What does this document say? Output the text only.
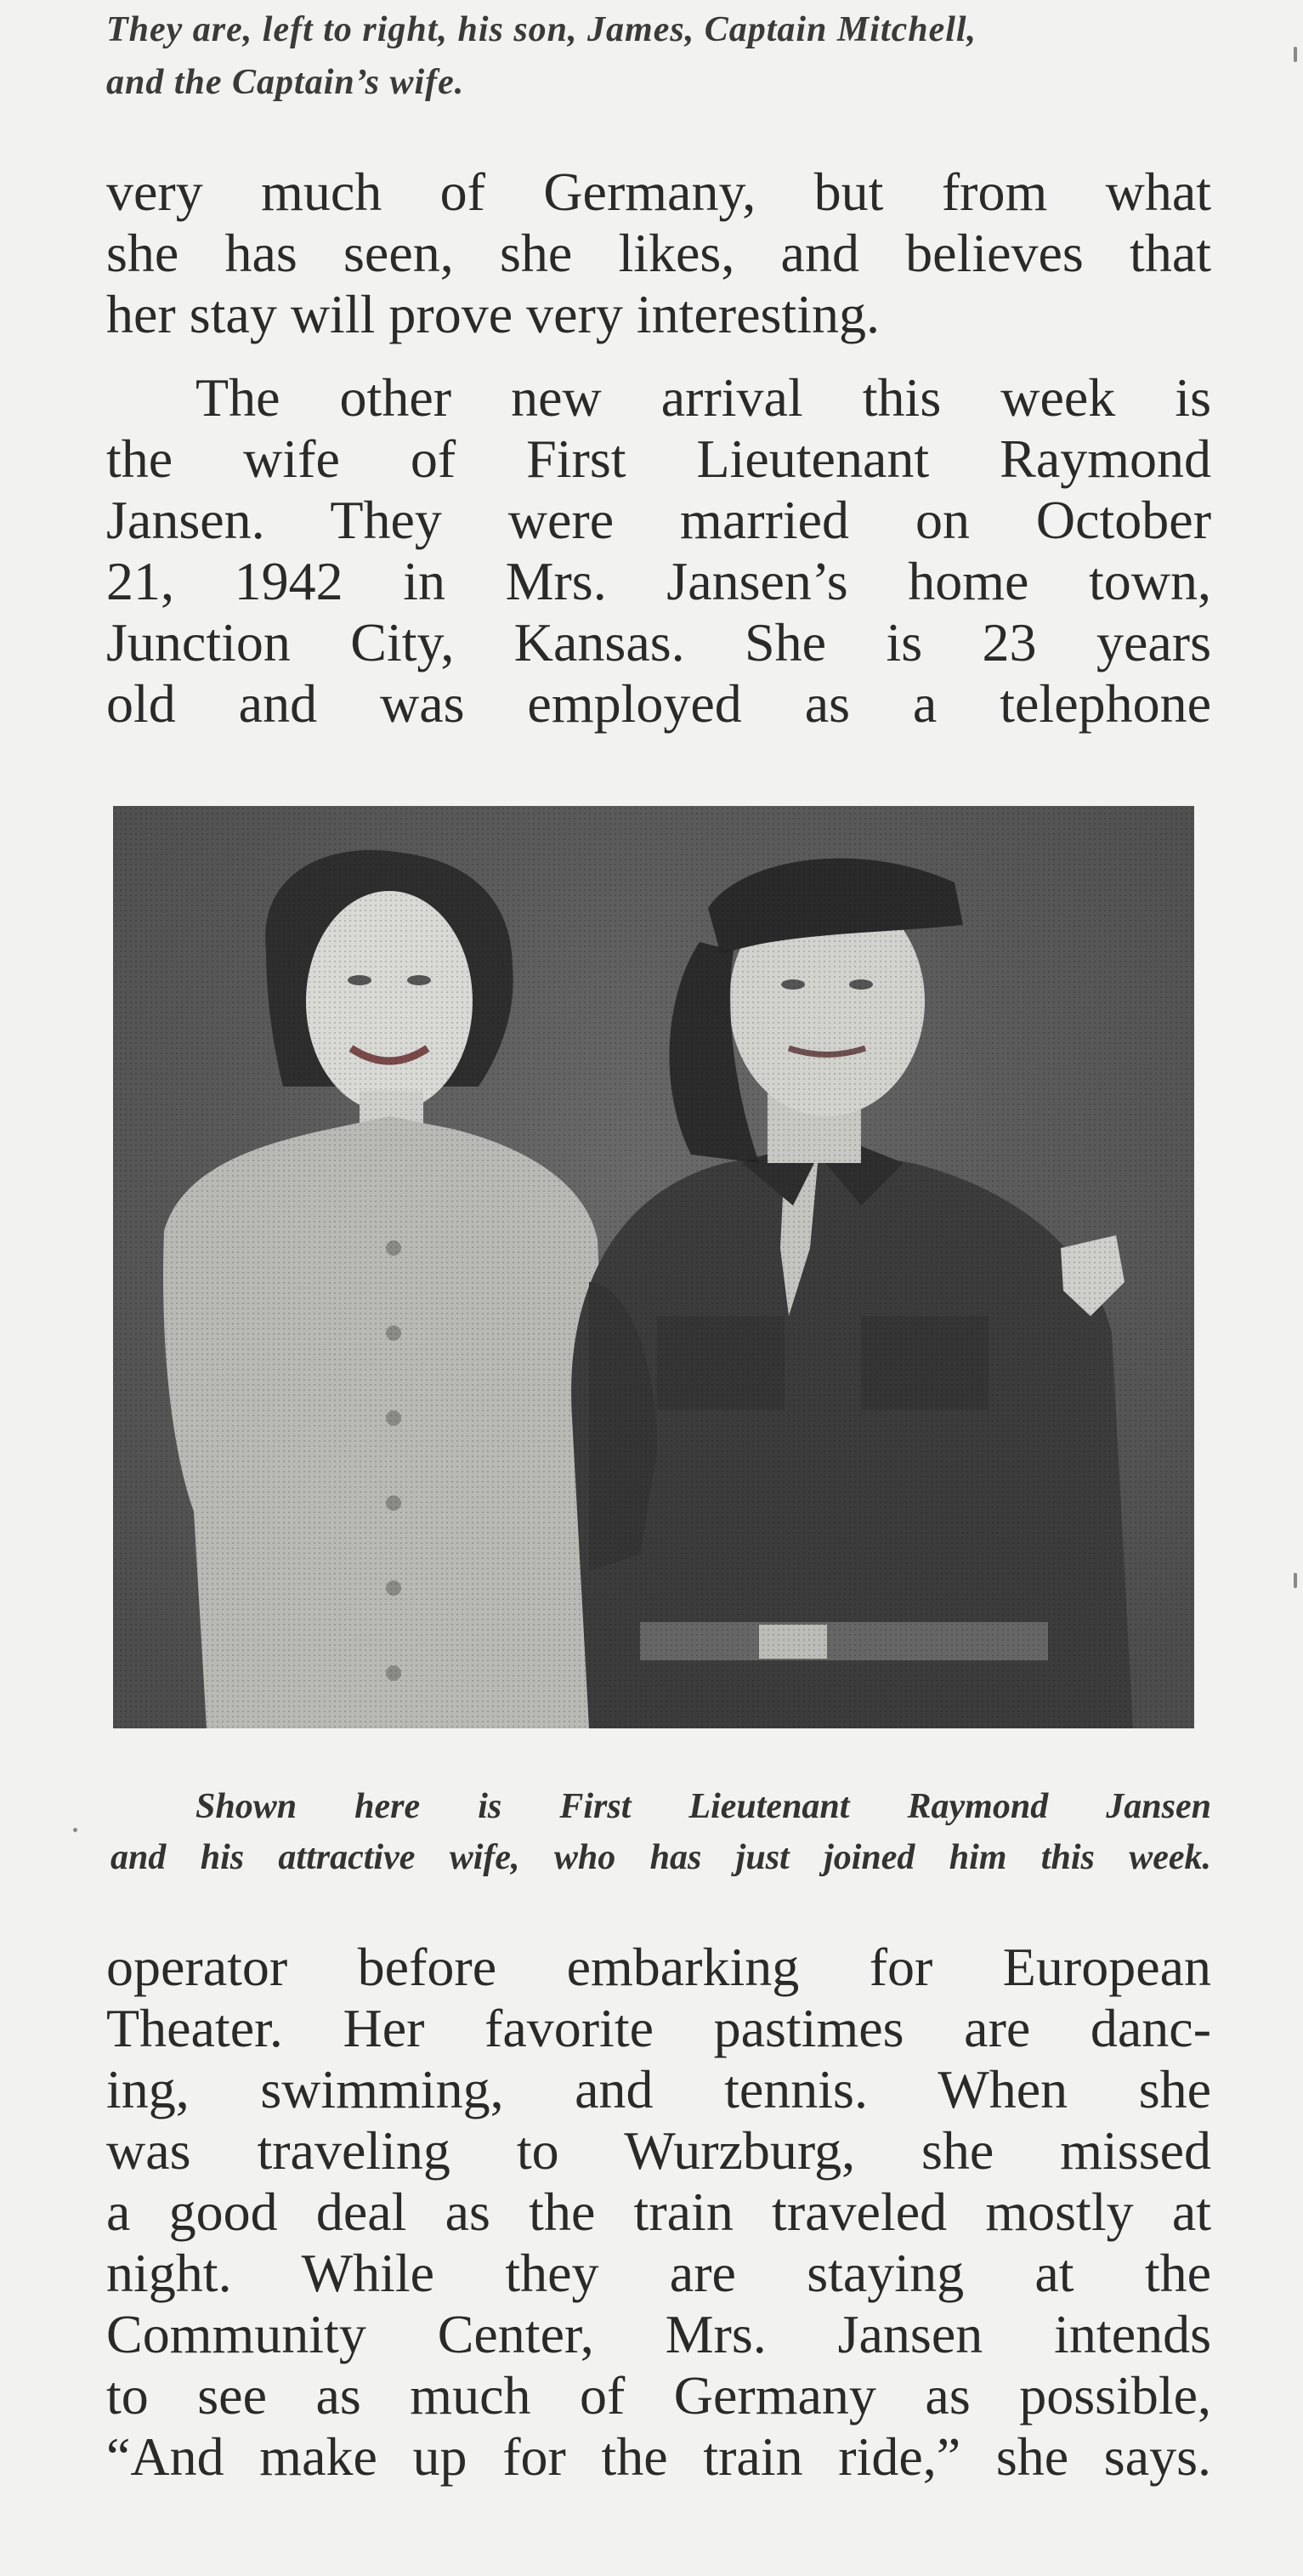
They are, left to right, his son, James, Captain Mitchell,
and the Captain’s wife.
very much of Germany, but from what
she has seen, she likes, and believes that
her stay will prove very interesting.
The other new arrival this week is
the wife of First Lieutenant Raymond
Jansen. They were married on October
21, 1942 in Mrs. Jansen’s home town,
Junction City, Kansas. She is 23 years
old and was employed as a telephone
Shown here is First Lieutenant Raymond Jansen
and his attractive wife, who has just joined him this week.
operator before embarking for European
Theater. Her favorite pastimes are danc-
ing, swimming, and tennis. When she
was traveling to Wurzburg, she missed
a good deal as the train traveled mostly at
night. While they are staying at the
Community Center, Mrs. Jansen intends
to see as much of Germany as possible,
“And make up for the train ride,” she says.
